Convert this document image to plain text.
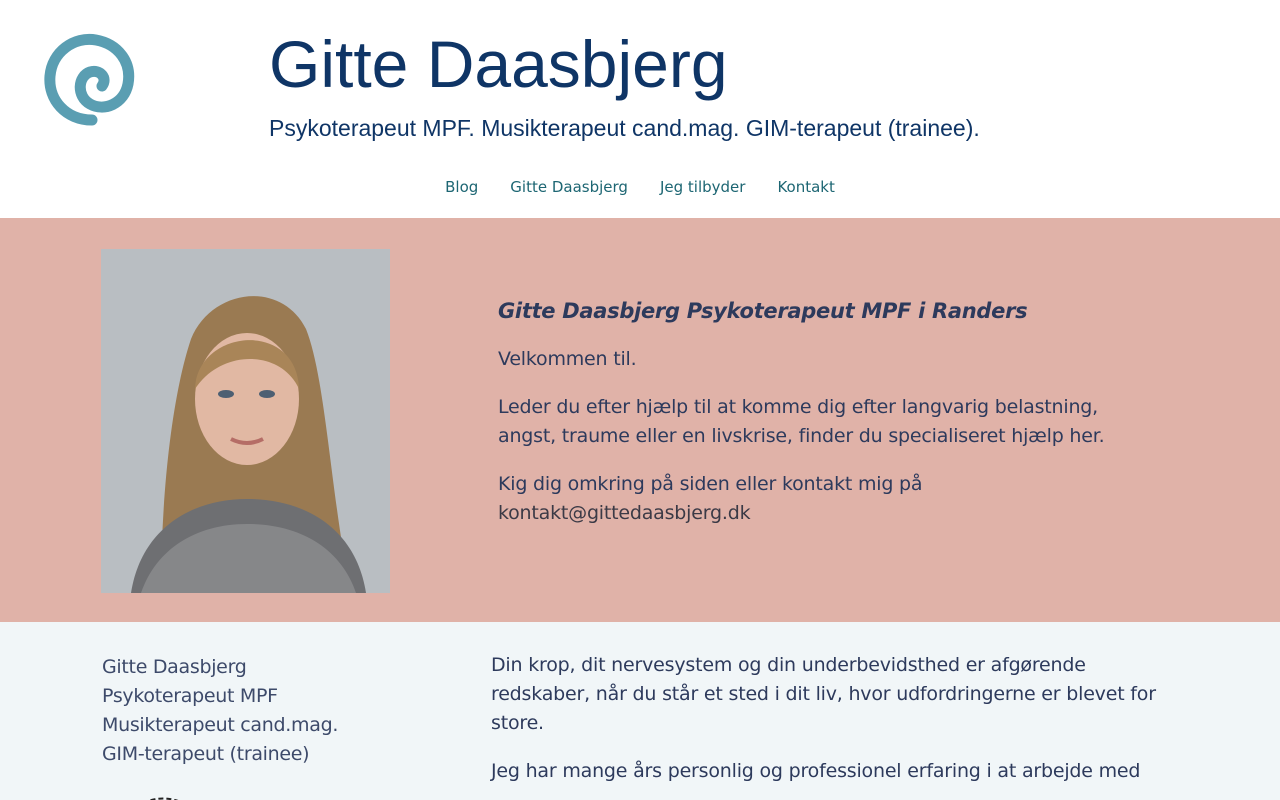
Gitte Daasbjerg
Psykoterapeut MPF. Musikterapeut cand.mag. GIM-terapeut (trainee).
Blog Gitte Daasbjerg Jeg tilbyder Kontakt
Gitte Daasbjerg Psykoterapeut MPF i Randers
Velkommen til.
Leder du efter hjælp til at komme dig efter langvarig belastning, angst, traume eller en livskrise, finder du specialiseret hjælp her.
Kig dig omkring på siden eller kontakt mig på
kontakt@gittedaasbjerg.dk
Gitte Daasbjerg
Psykoterapeut MPF
Musikterapeut cand.mag.
GIM-terapeut (trainee)

Din krop, dit nervesystem og din underbevidsthed er afgørende redskaber, når du står et sted i dit liv, hvor udfordringerne er blevet for store.

Jeg har mange års personlig og professionel erfaring i at arbejde med
